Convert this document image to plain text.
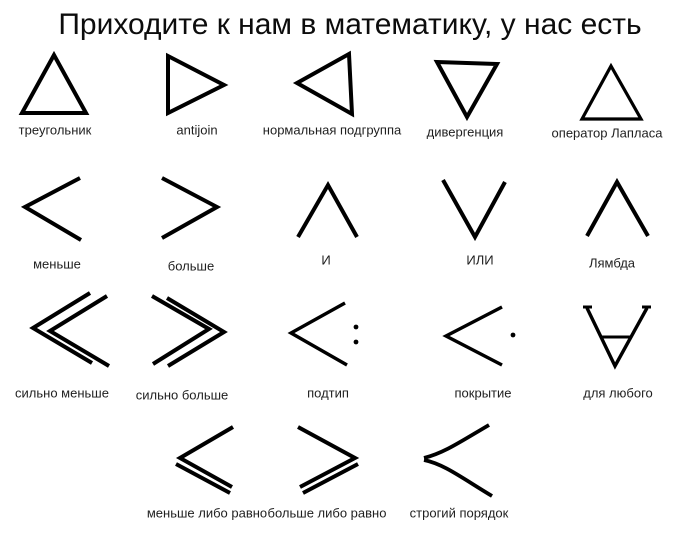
Приходите к нам в математику, у нас есть
треугольник	antijoin	нормальная подгруппа дивергенция	оператор Лапласа
меньше	больше	И	ИЛИ	Лямбда
сильно меньше сильно больше	подтип	покрытие	для любого
меньше либо равно больше либо равно строгий порядок
